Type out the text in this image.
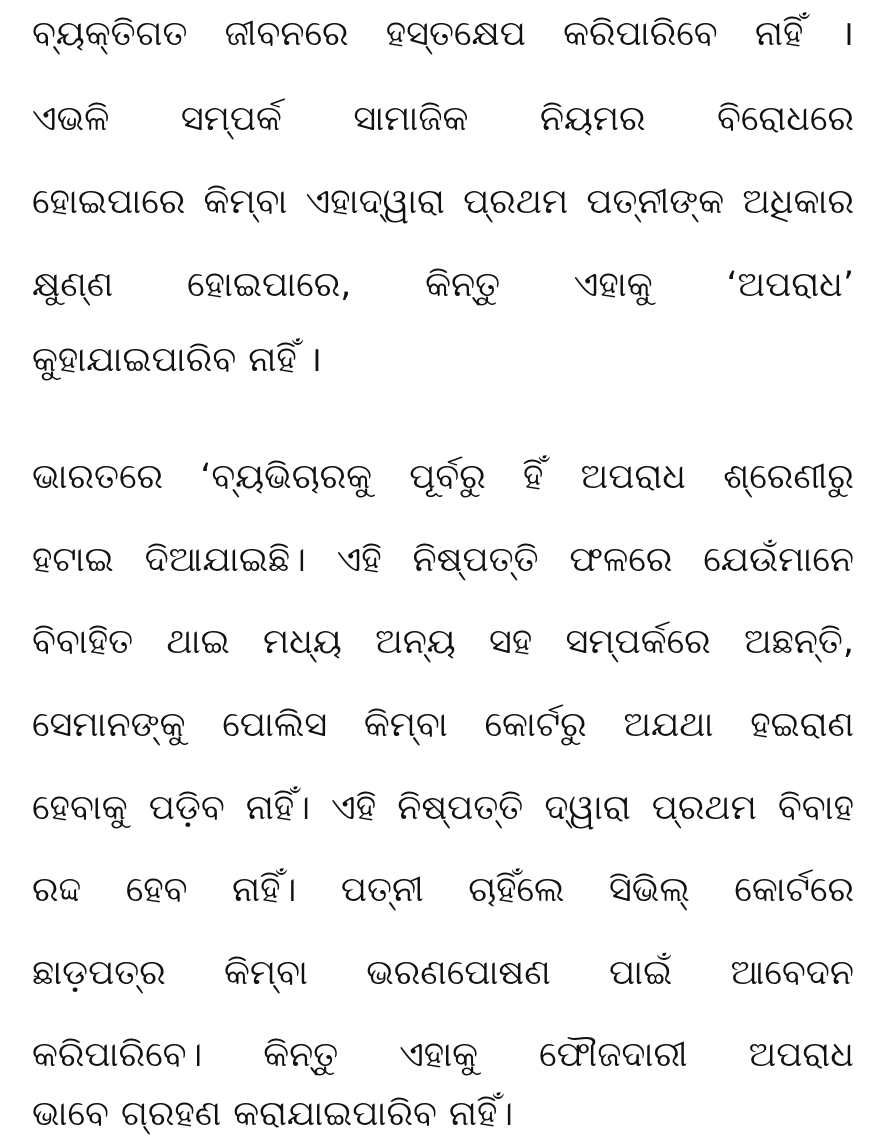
ବ୍ୟକ୍ତିଗତ ଜୀବନରେ ହସ୍ତକ୍ଷେପ କରିପାରିବେ ନାହିଁ ।
ଏଭଳି ସମ୍ପର୍କ ସାମାଜିକ ନିୟମର ବିରୋଧରେ
ହୋଇପାରେ କିମ୍ବା ଏହାଦ୍ୱାରା ପ୍ରଥମ ପତ୍ନୀଙ୍କ ଅଧିକାର
କ୍ଷୁଣ୍ଣ ହୋଇପାରେ, କିନ୍ତୁ ଏହାକୁ ‘ଅପରାଧ’
କୁହାଯାଇପାରିବ ନାହିଁ ।
ଭାରତରେ ‘ବ୍ୟଭିଚାରକୁ ପୂର୍ବରୁ ହିଁ ଅପରାଧ ଶ୍ରେଣୀରୁ
ହଟାଇ ଦିଆଯାଇଛି। ଏହି ନିଷ୍ପତ୍ତି ଫଳରେ ଯେଉଁମାନେ
ବିବାହିତ ଥାଇ ମଧ୍ୟ ଅନ୍ୟ ସହ ସମ୍ପର୍କରେ ଅଛନ୍ତି,
ସେମାନଙ୍କୁ ପୋଲିସ କିମ୍ବା କୋର୍ଟରୁ ଅଯଥା ହଇରାଣ
ହେବାକୁ ପଡ଼ିବ ନାହିଁ। ଏହି ନିଷ୍ପତ୍ତି ଦ୍ୱାରା ପ୍ରଥମ ବିବାହ
ରଦ୍ଦ ହେବ ନାହିଁ। ପତ୍ନୀ ଚାହିଁଲେ ସିଭିଲ୍ କୋର୍ଟରେ
ଛାଡ଼ପତ୍ର କିମ୍ବା ଭରଣପୋଷଣ ପାଇଁ ଆବେଦନ
କରିପାରିବେ। କିନ୍ତୁ ଏହାକୁ ଫୌଜଦାରୀ ଅପରାଧ
ଭାବେ ଗ୍ରହଣ କରାଯାଇପାରିବ ନାହିଁ।
